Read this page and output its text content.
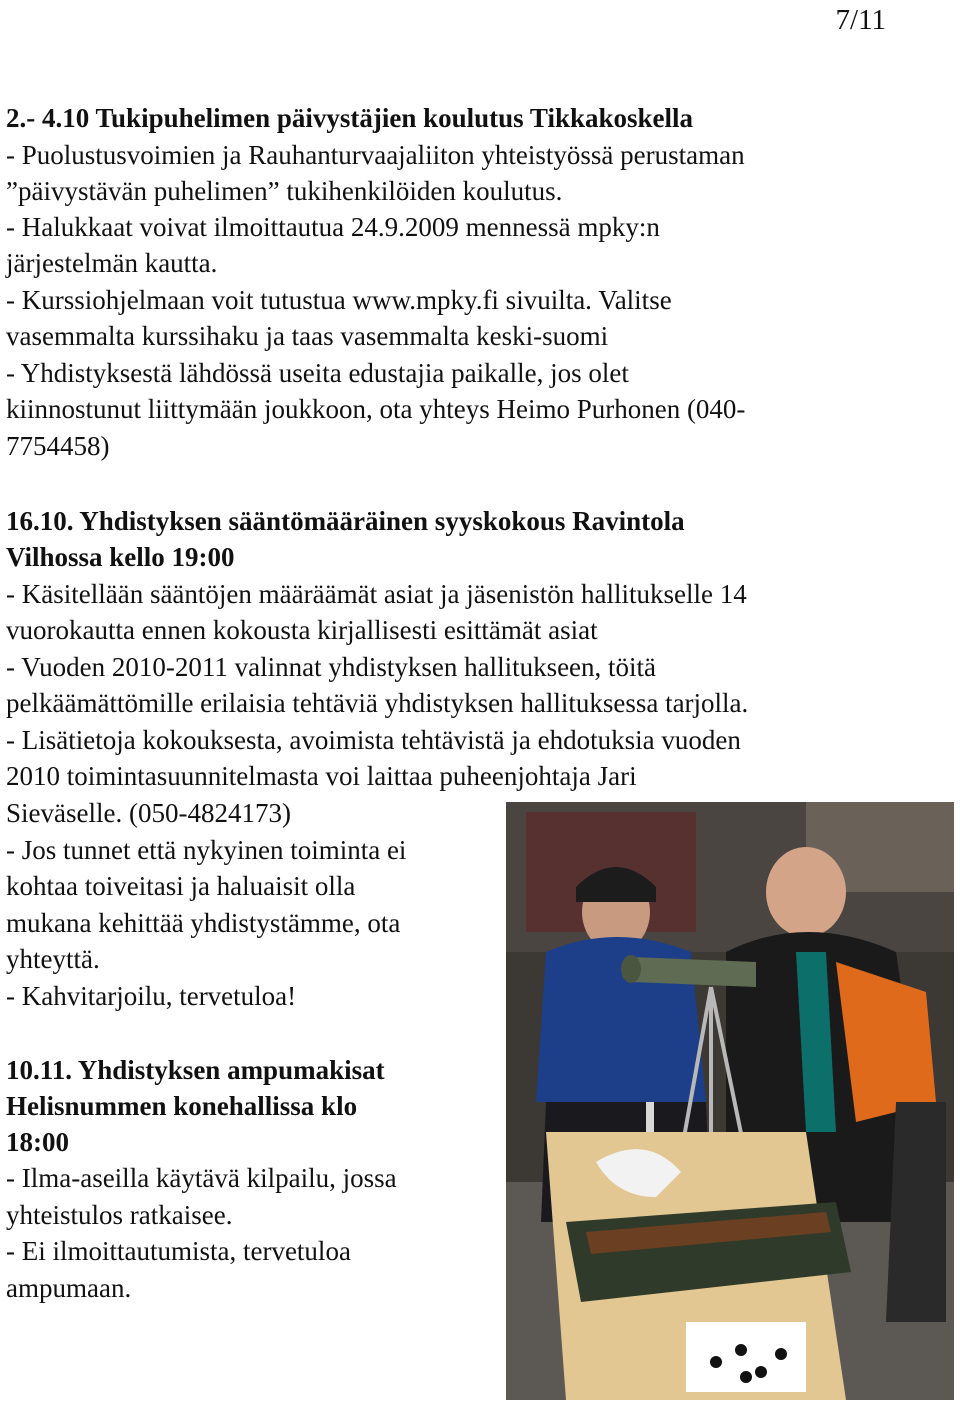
7/11
2.- 4.10 Tukipuhelimen päivystäjien koulutus Tikkakoskella
- Puolustusvoimien ja Rauhanturvaajaliiton yhteistyössä perustaman
”päivystävän puhelimen” tukihenkilöiden koulutus.
- Halukkaat voivat ilmoittautua 24.9.2009 mennessä mpky:n
järjestelmän kautta.
- Kurssiohjelmaan voit tutustua www.mpky.fi sivuilta. Valitse
vasemmalta kurssihaku ja taas vasemmalta keski-suomi
- Yhdistyksestä lähdössä useita edustajia paikalle, jos olet
kiinnostunut liittymään joukkoon, ota yhteys Heimo Purhonen (040-
7754458)
16.10. Yhdistyksen sääntömääräinen syyskokous Ravintola
Vilhossa kello 19:00
- Käsitellään sääntöjen määräämät asiat ja jäsenistön hallitukselle 14
vuorokautta ennen kokousta kirjallisesti esittämät asiat
- Vuoden 2010-2011 valinnat yhdistyksen hallitukseen, töitä
pelkäämättömille erilaisia tehtäviä yhdistyksen hallituksessa tarjolla.
- Lisätietoja kokouksesta, avoimista tehtävistä ja ehdotuksia vuoden
2010 toimintasuunnitelmasta voi laittaa puheenjohtaja Jari
Sieväselle. (050-4824173)
- Jos tunnet että nykyinen toiminta ei
kohtaa toiveitasi ja haluaisit olla
mukana kehittää yhdistystämme, ota
yhteyttä.
- Kahvitarjoilu, tervetuloa!
10.11. Yhdistyksen ampumakisat
Helisnummen konehallissa klo
18:00
- Ilma-aseilla käytävä kilpailu, jossa
yhteistulos ratkaisee.
- Ei ilmoittautumista, tervetuloa
ampumaan.
